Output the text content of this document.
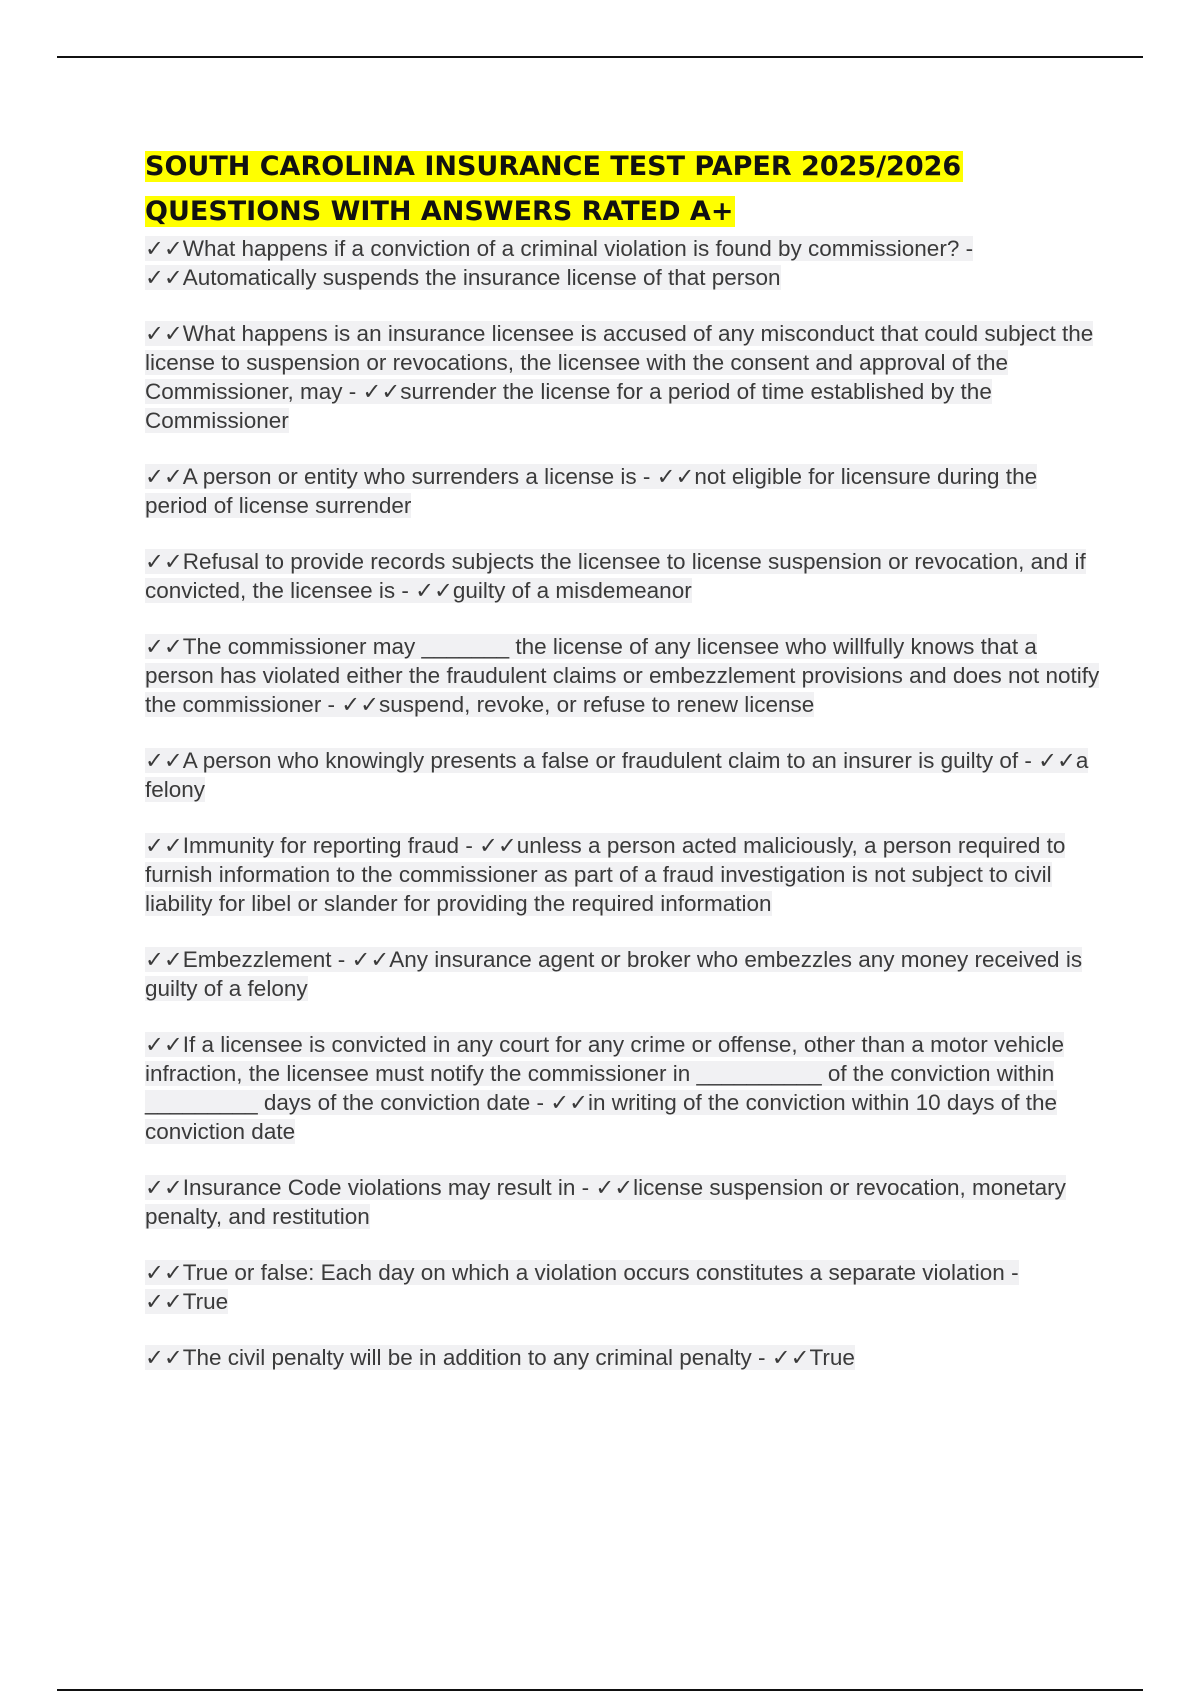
SOUTH CAROLINA INSURANCE TEST PAPER 2025/2026
QUESTIONS WITH ANSWERS RATED A+

✓✓What happens if a conviction of a criminal violation is found by commissioner? - ✓✓Automatically suspends the insurance license of that person

✓✓What happens is an insurance licensee is accused of any misconduct that could subject the license to suspension or revocations, the licensee with the consent and approval of the Commissioner, may - ✓✓surrender the license for a period of time established by the Commissioner

✓✓A person or entity who surrenders a license is - ✓✓not eligible for licensure during the period of license surrender

✓✓Refusal to provide records subjects the licensee to license suspension or revocation, and if convicted, the licensee is - ✓✓guilty of a misdemeanor

✓✓The commissioner may _______ the license of any licensee who willfully knows that a person has violated either the fraudulent claims or embezzlement provisions and does not notify the commissioner - ✓✓suspend, revoke, or refuse to renew license

✓✓A person who knowingly presents a false or fraudulent claim to an insurer is guilty of - ✓✓a felony

✓✓Immunity for reporting fraud - ✓✓unless a person acted maliciously, a person required to furnish information to the commissioner as part of a fraud investigation is not subject to civil liability for libel or slander for providing the required information

✓✓Embezzlement - ✓✓Any insurance agent or broker who embezzles any money received is guilty of a felony

✓✓If a licensee is convicted in any court for any crime or offense, other than a motor vehicle infraction, the licensee must notify the commissioner in __________ of the conviction within _________ days of the conviction date - ✓✓in writing of the conviction within 10 days of the conviction date

✓✓Insurance Code violations may result in - ✓✓license suspension or revocation, monetary penalty, and restitution

✓✓True or false: Each day on which a violation occurs constitutes a separate violation - ✓✓True

✓✓The civil penalty will be in addition to any criminal penalty - ✓✓True
